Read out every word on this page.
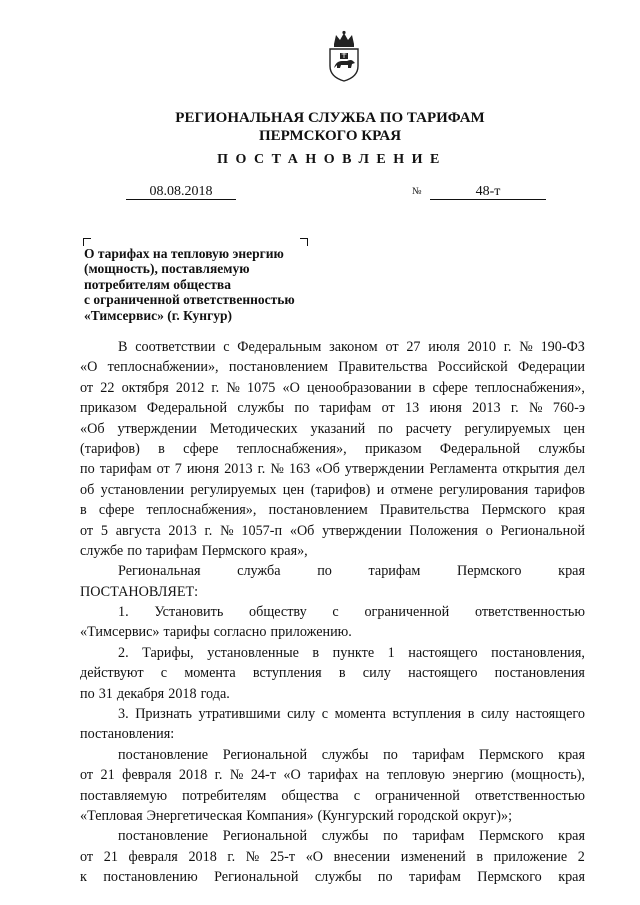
РЕГИОНАЛЬНАЯ СЛУЖБА ПО ТАРИФАМ
ПЕРМСКОГО КРАЯ
ПОСТАНОВЛЕНИЕ
08.08.2018	№	48-т
О тарифах на тепловую энергию
(мощность), поставляемую
потребителям общества
с ограниченной ответственностью
«Тимсервис» (г. Кунгур)
В соответствии с Федеральным законом от 27 июля 2010 г. № 190-ФЗ
«О теплоснабжении», постановлением Правительства Российской Федерации
от 22 октября 2012 г. № 1075 «О ценообразовании в сфере теплоснабжения»,
приказом Федеральной службы по тарифам от 13 июня 2013 г. № 760-э
«Об утверждении Методических указаний по расчету регулируемых цен
(тарифов) в сфере теплоснабжения», приказом Федеральной службы
по тарифам от 7 июня 2013 г. № 163 «Об утверждении Регламента открытия дел
об установлении регулируемых цен (тарифов) и отмене регулирования тарифов
в сфере теплоснабжения», постановлением Правительства Пермского края
от 5 августа 2013 г. № 1057-п «Об утверждении Положения о Региональной
службе по тарифам Пермского края»,
Региональная	служба	по	тарифам	Пермского	края
ПОСТАНОВЛЯЕТ:
1. Установить обществу с ограниченной ответственностью
«Тимсервис» тарифы согласно приложению.
2. Тарифы, установленные в пункте 1 настоящего постановления,
действуют с момента вступления в силу настоящего постановления
по 31 декабря 2018 года.
3. Признать утратившими силу с момента вступления в силу настоящего
постановления:
постановление Региональной службы по тарифам Пермского края
от 21 февраля 2018 г. № 24-т «О тарифах на тепловую энергию (мощность),
поставляемую потребителям общества с ограниченной ответственностью
«Тепловая Энергетическая Компания» (Кунгурский городской округ)»;
постановление Региональной службы по тарифам Пермского края
от 21 февраля 2018 г. № 25-т «О внесении изменений в приложение 2
к постановлению Региональной службы по тарифам Пермского края
